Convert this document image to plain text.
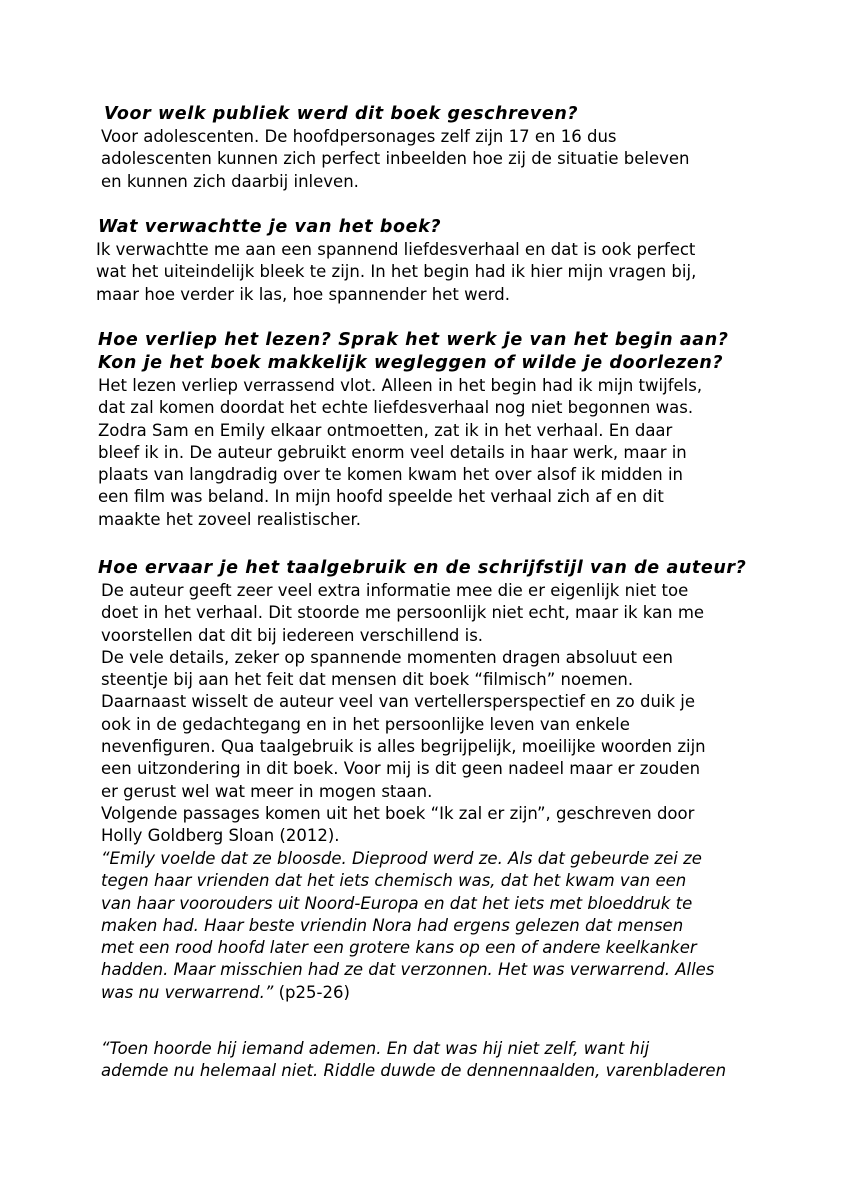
Voor welk publiek werd dit boek geschreven?

Voor adolescenten. De hoofdpersonages zelf zijn 17 en 16 dus
adolescenten kunnen zich perfect inbeelden hoe zij de situatie beleven
en kunnen zich daarbij inleven.

Wat verwachtte je van het boek?

Ik verwachtte me aan een spannend liefdesverhaal en dat is ook perfect
wat het uiteindelijk bleek te zijn. In het begin had ik hier mijn vragen bij,
maar hoe verder ik las, hoe spannender het werd.

Hoe verliep het lezen? Sprak het werk je van het begin aan?
Kon je het boek makkelijk wegleggen of wilde je doorlezen?

Het lezen verliep verrassend vlot. Alleen in het begin had ik mijn twijfels,
dat zal komen doordat het echte liefdesverhaal nog niet begonnen was.
Zodra Sam en Emily elkaar ontmoetten, zat ik in het verhaal. En daar
bleef ik in. De auteur gebruikt enorm veel details in haar werk, maar in
plaats van langdradig over te komen kwam het over alsof ik midden in
een film was beland. In mijn hoofd speelde het verhaal zich af en dit
maakte het zoveel realistischer.

Hoe ervaar je het taalgebruik en de schrijfstijl van de auteur?

De auteur geeft zeer veel extra informatie mee die er eigenlijk niet toe
doet in het verhaal. Dit stoorde me persoonlijk niet echt, maar ik kan me
voorstellen dat dit bij iedereen verschillend is.
De vele details, zeker op spannende momenten dragen absoluut een
steentje bij aan het feit dat mensen dit boek “filmisch” noemen.
Daarnaast wisselt de auteur veel van vertellersperspectief en zo duik je
ook in de gedachtegang en in het persoonlijke leven van enkele
nevenfiguren. Qua taalgebruik is alles begrijpelijk, moeilijke woorden zijn
een uitzondering in dit boek. Voor mij is dit geen nadeel maar er zouden
er gerust wel wat meer in mogen staan.
Volgende passages komen uit het boek “Ik zal er zijn”, geschreven door
Holly Goldberg Sloan (2012).

“Emily voelde dat ze bloosde. Dieprood werd ze. Als dat gebeurde zei ze
tegen haar vrienden dat het iets chemisch was, dat het kwam van een
van haar voorouders uit Noord-Europa en dat het iets met bloeddruk te
maken had. Haar beste vriendin Nora had ergens gelezen dat mensen
met een rood hoofd later een grotere kans op een of andere keelkanker
hadden. Maar misschien had ze dat verzonnen. Het was verwarrend. Alles
was nu verwarrend.” (p25-26)

“Toen hoorde hij iemand ademen. En dat was hij niet zelf, want hij
ademde nu helemaal niet. Riddle duwde de dennennaalden, varenbladeren
